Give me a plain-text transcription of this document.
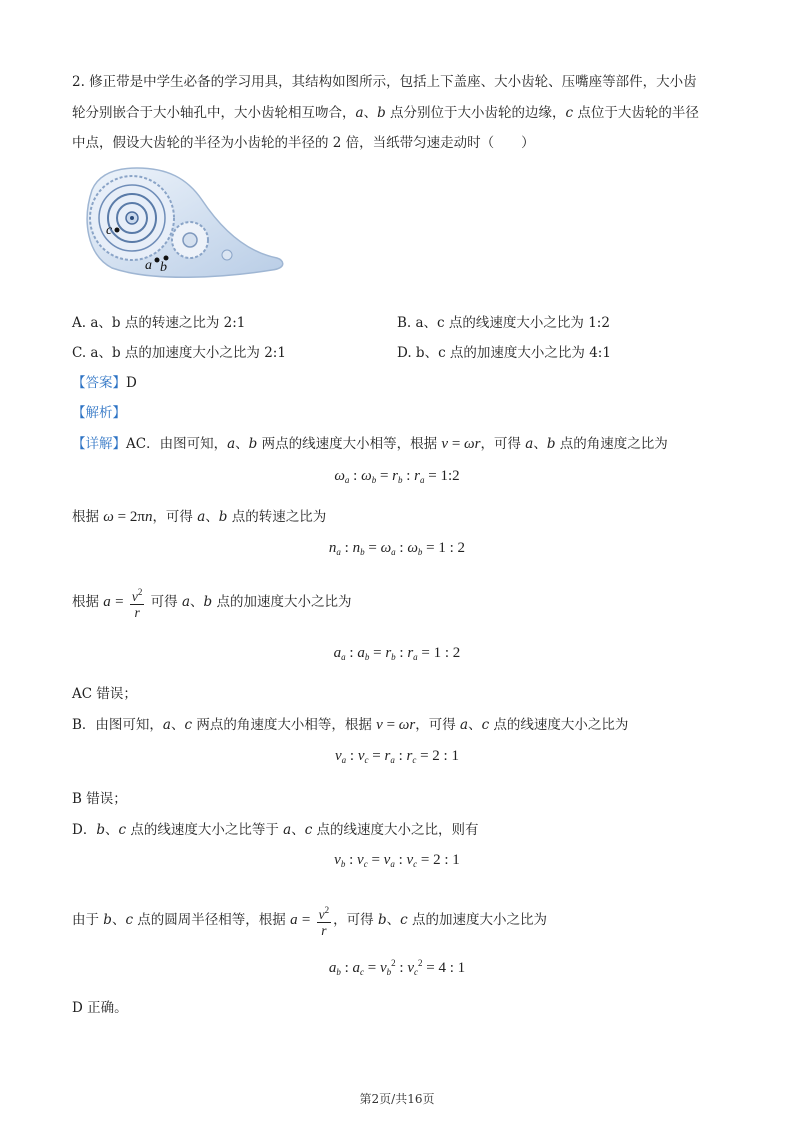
2. 修正带是中学生必备的学习用具，其结构如图所示，包括上下盖座、大小齿轮、压嘴座等部件，大小齿
轮分别嵌合于大小轴孔中，大小齿轮相互吻合，a、b 点分别位于大小齿轮的边缘，c 点位于大齿轮的半径
中点，假设大齿轮的半径为小齿轮的半径的 2 倍，当纸带匀速走动时（　　）
c
a b
A. a、b 点的转速之比为 2:1	B. a、c 点的线速度大小之比为 1:2
C. a、b 点的加速度大小之比为 2:1	D. b、c 点的加速度大小之比为 4:1
【答案】D
【解析】
【详解】AC．由图可知，a、b 两点的线速度大小相等，根据 v = ωr，可得 a、b 点的角速度之比为
$\omega_a$ : $\omega_b = r_b$ : $r_a$ = 1:2
根据 ω = 2πn，可得 a、b 点的转速之比为
$n_a$ : $n_b = \omega_a$ : $\omega_b = 1$ : 2
根据 $a = \frac{v^2}{r}$ 可得 a、b 点的加速度大小之比为
$a_a$ : $a_b = r_b$ : $r_a = 1$ : 2
AC 错误；
B．由图可知，a、c 两点的角速度大小相等，根据 v = ωr，可得 a、c 点的线速度大小之比为
$v_a$ : $v_c = r_a$ : $r_c = 2$ : 1
B 错误；
D．b、c 点的线速度大小之比等于 a、c 点的线速度大小之比，则有
$v_b$ : $v_c = v_a$ : $v_c = 2$ : 1
由于 b、c 点的圆周半径相等，根据 $a = \frac{v^2}{r}$ ，可得 b、c 点的加速度大小之比为
$a_b$ : $a_c = v_b^2$ : $v_c^2 = 4$ : 1
D 正确。
第2页/共16页
